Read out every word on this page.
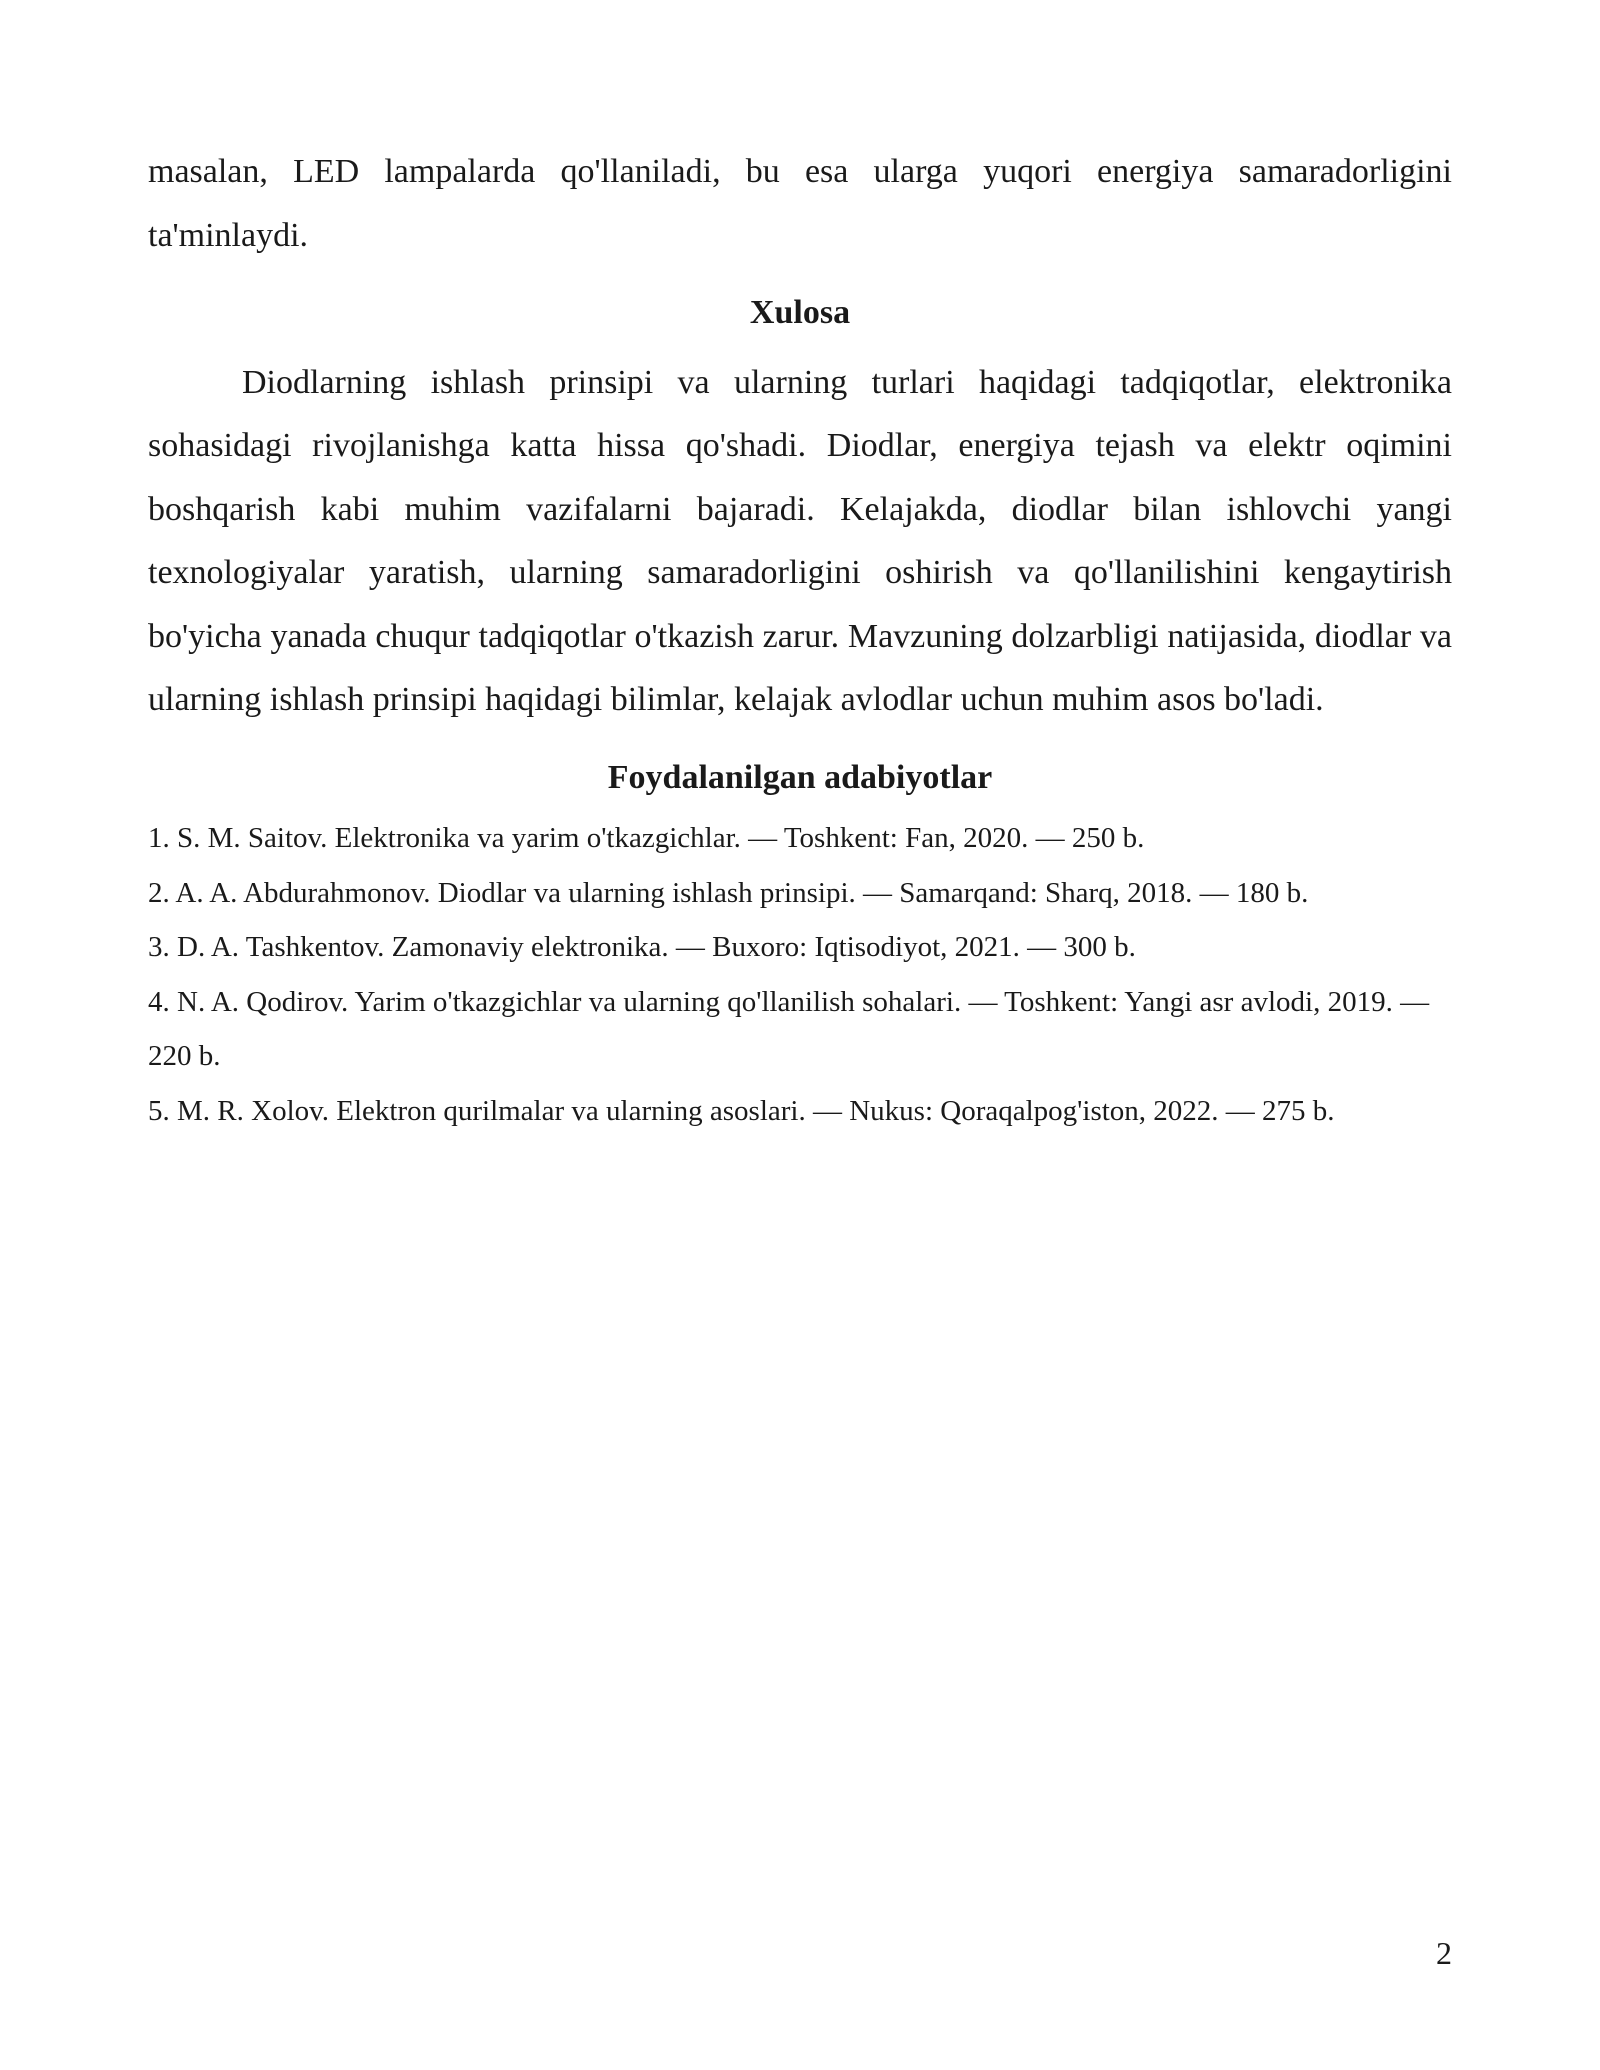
masalan, LED lampalarda qo'llaniladi, bu esa ularga yuqori energiya samaradorligini ta'minlaydi.

Xulosa

Diodlarning ishlash prinsipi va ularning turlari haqidagi tadqiqotlar, elektronika sohasidagi rivojlanishga katta hissa qo'shadi. Diodlar, energiya tejash va elektr oqimini boshqarish kabi muhim vazifalarni bajaradi. Kelajakda, diodlar bilan ishlovchi yangi texnologiyalar yaratish, ularning samaradorligini oshirish va qo'llanilishini kengaytirish bo'yicha yanada chuqur tadqiqotlar o'tkazish zarur. Mavzuning dolzarbligi natijasida, diodlar va ularning ishlash prinsipi haqidagi bilimlar, kelajak avlodlar uchun muhim asos bo'ladi.

Foydalanilgan adabiyotlar
1. S. M. Saitov. Elektronika va yarim o'tkazgichlar. — Toshkent: Fan, 2020. — 250 b.
2. A. A. Abdurahmonov. Diodlar va ularning ishlash prinsipi. — Samarqand: Sharq, 2018. — 180 b.
3. D. A. Tashkentov. Zamonaviy elektronika. — Buxoro: Iqtisodiyot, 2021. — 300 b.
4. N. A. Qodirov. Yarim o'tkazgichlar va ularning qo'llanilish sohalari. — Toshkent: Yangi asr avlodi, 2019. — 220 b.
5. M. R. Xolov. Elektron qurilmalar va ularning asoslari. — Nukus: Qoraqalpog'iston, 2022. — 275 b.
2
